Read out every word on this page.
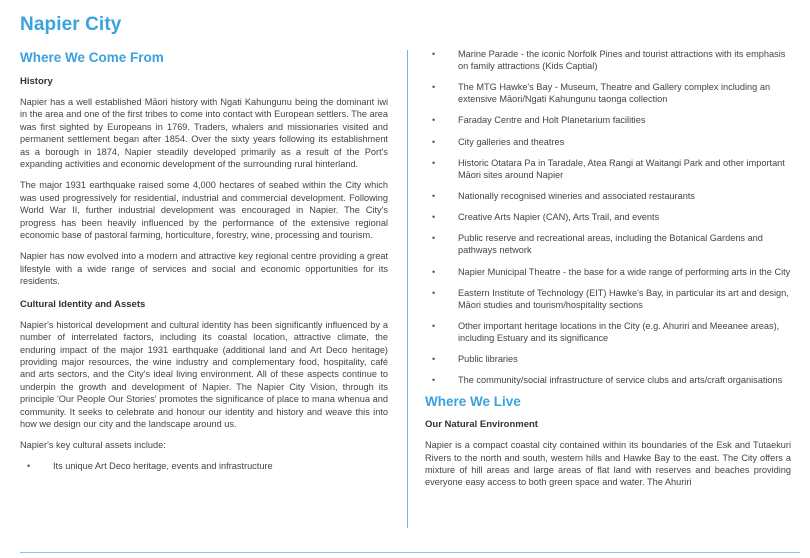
Napier City
Where We Come From
History

Napier has a well established Māori history with Ngati Kahungunu being the dominant iwi in the area and one of the first tribes to come into contact with European settlers. The area was first sighted by Europeans in 1769. Traders, whalers and missionaries visited and permanent settlement began after 1854. Over the sixty years following its establishment as a borough in 1874, Napier steadily developed primarily as a result of the Port's expanding activities and economic development of the surrounding rural hinterland.

The major 1931 earthquake raised some 4,000 hectares of seabed within the City which was used progressively for residential, industrial and commercial development. Following World War II, further industrial development was encouraged in Napier. The City's progress has been heavily influenced by the performance of the extensive regional economic base of pastoral farming, horticulture, forestry, wine, processing and tourism.

Napier has now evolved into a modern and attractive key regional centre providing a great lifestyle with a wide range of services and social and economic opportunities for its residents.

Cultural Identity and Assets

Napier's historical development and cultural identity has been significantly influenced by a number of interrelated factors, including its coastal location, attractive climate, the enduring impact of the major 1931 earthquake (additional land and Art Deco heritage) providing major resources, the wine industry and complementary food, hospitality, café and arts sectors, and the City's ideal living environment. All of these aspects continue to underpin the growth and development of Napier. The Napier City Vision, through its principle 'Our People Our Stories' promotes the significance of place to mana whenua and community. It seeks to celebrate and honour our identity and history and weave this into how we design our city and the landscape around us.

Napier's key cultural assets include:

• Its unique Art Deco heritage, events and infrastructure
• Marine Parade - the iconic Norfolk Pines and tourist attractions with its emphasis on family attractions (Kids Captial)
• The MTG Hawke's Bay - Museum, Theatre and Gallery complex including an extensive Māori/Ngati Kahungunu taonga collection
• Faraday Centre and Holt Planetarium facilities
• City galleries and theatres
• Historic Otatara Pa in Taradale, Atea Rangi at Waitangi Park and other important Māori sites around Napier
• Nationally recognised wineries and associated restaurants
• Creative Arts Napier (CAN), Arts Trail, and events
• Public reserve and recreational areas, including the Botanical Gardens and pathways network
• Napier Municipal Theatre - the base for a wide range of performing arts in the City
• Eastern Institute of Technology (EIT) Hawke's Bay, in particular its art and design, Māori studies and tourism/hospitality sections
• Other important heritage locations in the City (e.g. Ahuriri and Meeanee areas), including Estuary and its significance
• Public libraries
• The community/social infrastructure of service clubs and arts/craft organisations
Where We Live
Our Natural Environment

Napier is a compact coastal city contained within its boundaries of the Esk and Tutaekuri Rivers to the north and south, western hills and Hawke Bay to the east. The City offers a mixture of hill areas and large areas of flat land with reserves and beaches providing everyone easy access to both green space and water. The Ahuriri
